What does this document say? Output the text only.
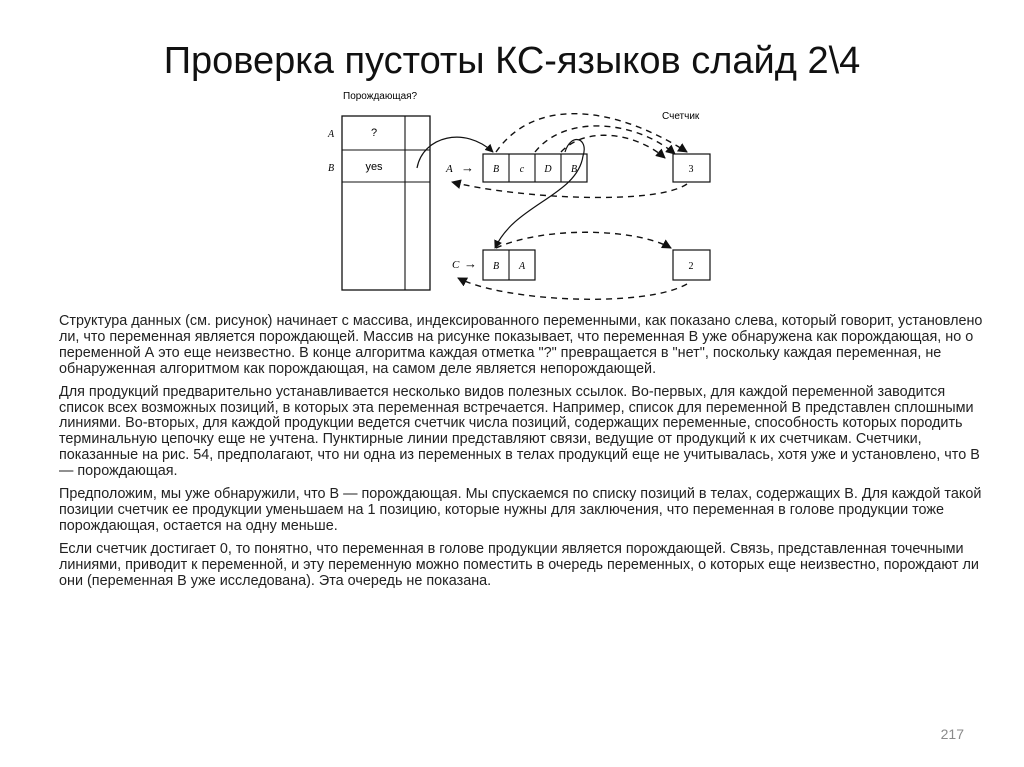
Проверка пустоты КС-языков слайд 2\4
Порождающая?
A
B
?
yes	A → B c D B
Счетчик
3
C → B A	2

Структура данных (см. рисунок) начинает с массива, индексированного переменными, как показано слева, который говорит, установлено ли, что переменная является порождающей. Массив на рисунке показывает, что переменная В уже обнаружена как порождающая, но о переменной А это еще неизвестно. В конце алгоритма каждая отметка "?" превращается в "нет", поскольку каждая переменная, не обнаруженная алгоритмом как порождающая, на самом деле является непорождающей.

Для продукций предварительно устанавливается несколько видов полезных ссылок. Во-первых, для каждой переменной заводится список всех возможных позиций, в которых эта переменная встречается. Например, список для переменной В представлен сплошными линиями. Во-вторых, для каждой продукции ведется счетчик числа позиций, содержащих переменные, способность которых породить терминальную цепочку еще не учтена. Пунктирные линии представляют связи, ведущие от продукций к их счетчикам. Счетчики, показанные на рис. 54, предполагают, что ни одна из переменных в телах продукций еще не учитывалась, хотя уже и установлено, что В — порождающая.

Предположим, мы уже обнаружили, что В — порождающая. Мы спускаемся по списку позиций в телах, содержащих В. Для каждой такой позиции счетчик ее продукции уменьшаем на 1 позицию, которые нужны для заключения, что переменная в голове продукции тоже порождающая, остается на одну меньше.

Если счетчик достигает 0, то понятно, что переменная в голове продукции является порождающей. Связь, представленная точечными линиями, приводит к переменной, и эту переменную можно поместить в очередь переменных, о которых еще неизвестно, порождают ли они (переменная В уже исследована). Эта очередь не показана.

217
